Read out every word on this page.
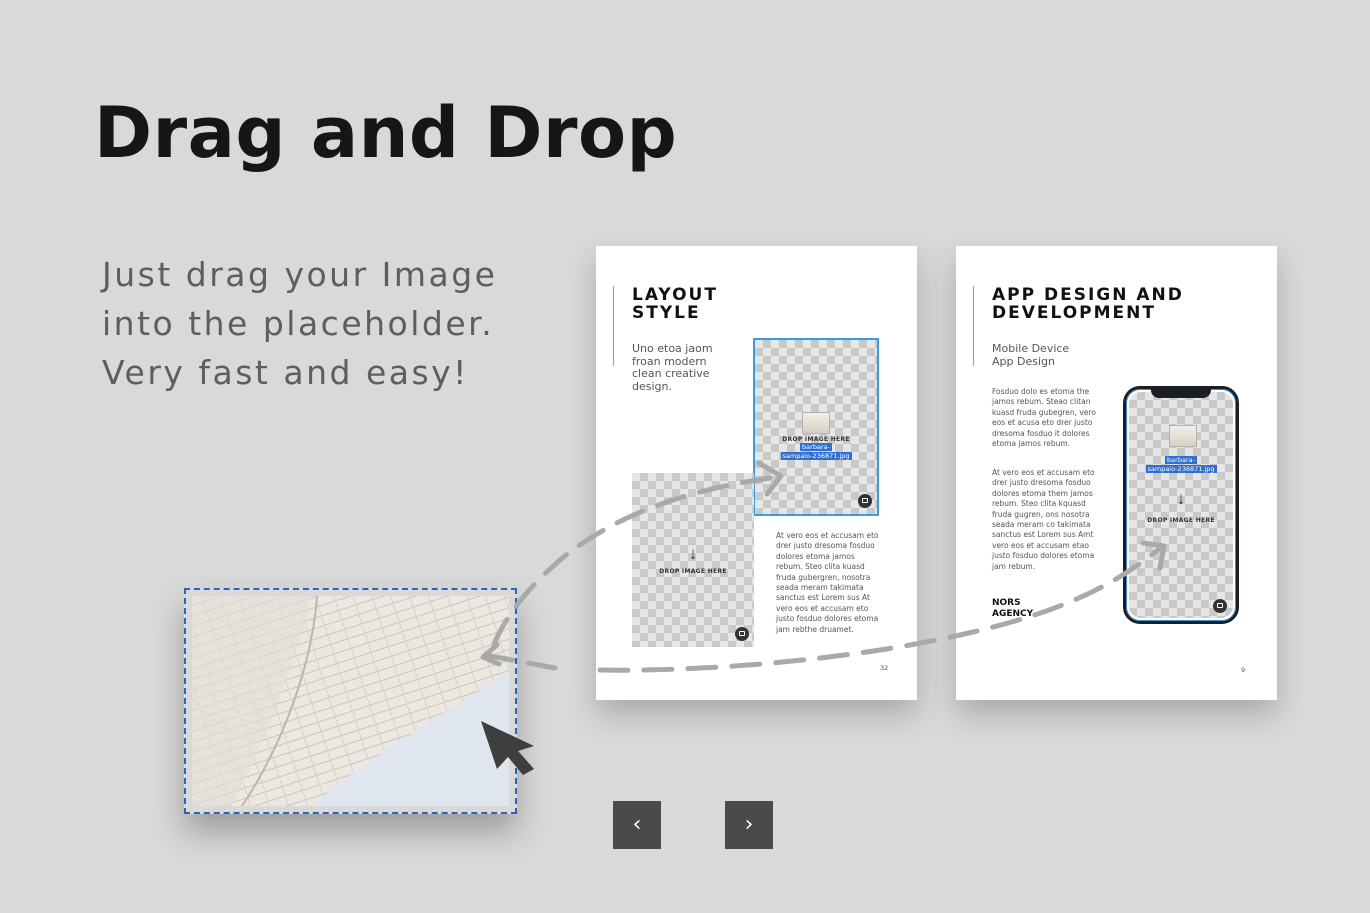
Drag and Drop
Just drag your Image
into the placeholder.
Very fast and easy!
LAYOUT
STYLE
Uno etoa jaom
froan modern
clean creative
design.
DROP IMAGE HERE
barbara-
sampaio-236871.jpg
↓
DROP IMAGE HERE
At vero eos et accusam eto
drer justo dresoma fosduo
dolores etoma jamos
rebum. Steo clita kuasd
fruda gubergren, nosotra
seada meram takimata
sanctus est Lorem sus At
vero eos et accusam eto
justo fosduo dolores etoma
jam rebthe druamet.
32
APP DESIGN AND
DEVELOPMENT
Mobile Device
App Design
Fosduo dolo es etoma the
jamos rebum. Steao clitan
kuasd fruda gubegren, vero
eos et acusa eto drer justo
dresoma fosduo it dolores
etoma jamos rebum.
At vero eos et accusam eto
drer justo dresoma fosduo
dolores etoma them jamos
rebum. Steo clita kquasd
fruda gugren, ons nosotra
seada meram co takimata
sanctus est Lorem sus Amt
vero eos et accusam etao
justo fosduo dolores etoma
jam rebum.
NORS
AGENCY
barbara-
sampaio-236871.jpg
↓
DROP IMAGE HERE
9
‹	›
